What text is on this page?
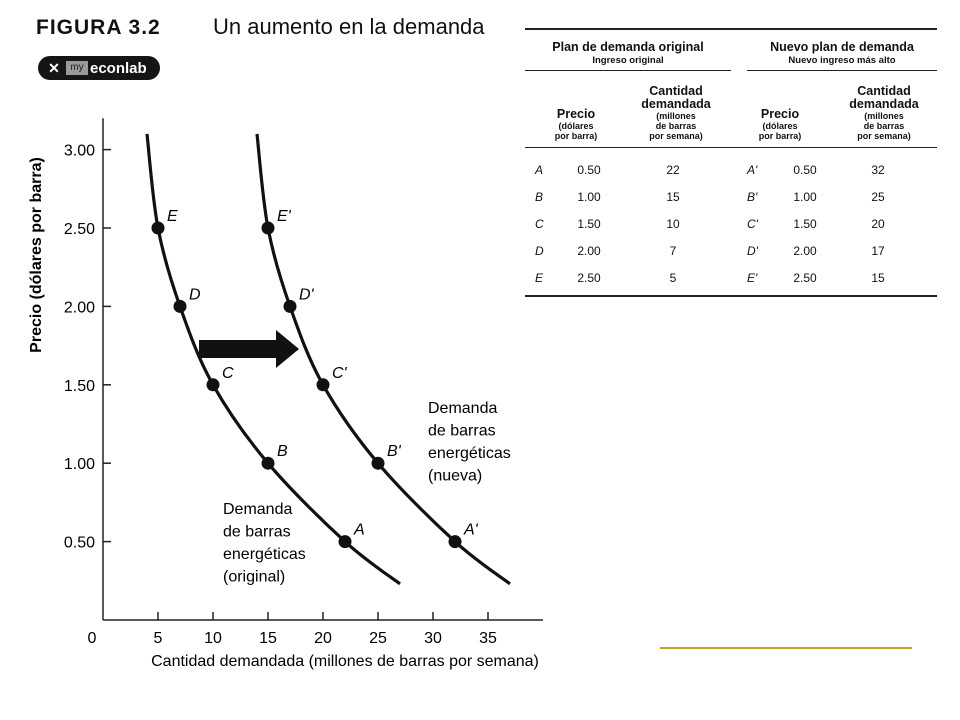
FIGURA 3.2 Un aumento en la demanda
✕	my econlab
0.50
1.00
1.50
2.00
2.50
3.00
0	5	10 15 20 25 30 35
Cantidad demandada (millones de barras por semana)
Precio (dólares por barra)
A
B
C
D
E
A'
B'
C'
D'
E'
Demanda
de barras
energéticas
(original)
Demanda
de barras
energéticas
(nueva)
Plan de demanda original
Ingreso original
Nuevo plan de demanda
Nuevo ingreso más alto
Precio
(dólares
por barra)
Cantidad
demandada
(millones
de barras
por semana)
Precio
(dólares
por barra)
Cantidad
demandada
(millones
de barras
por semana)
A	0.50	22	A'	0.50	32
B	1.00	15	B'	1.00	25
C	1.50	10	C'	1.50	20
D	2.00	7	D'	2.00	17
E	2.50	5	E'	2.50	15
